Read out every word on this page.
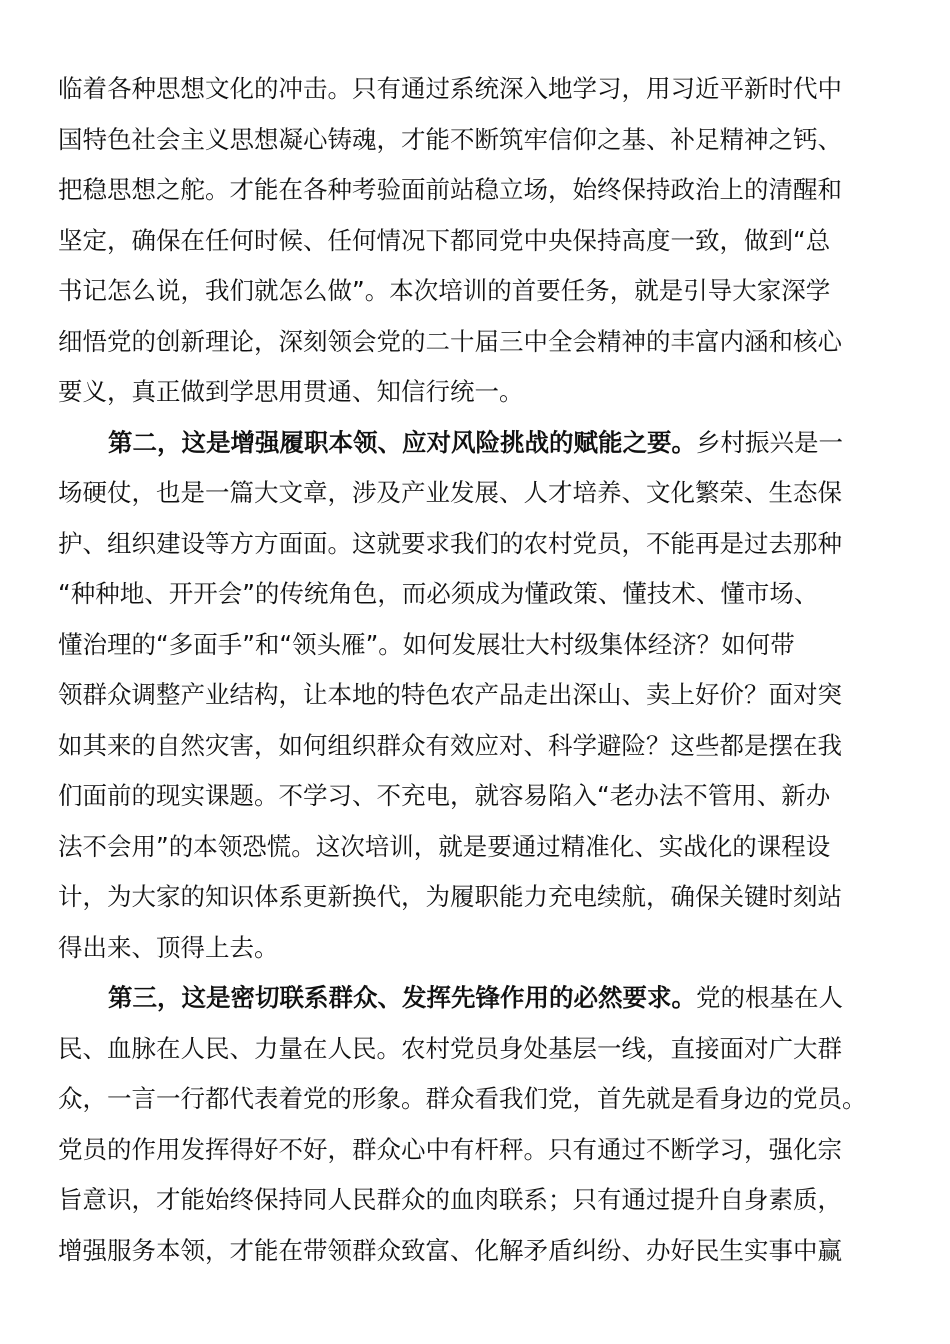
临着各种思想文化的冲击。只有通过系统深入地学习，用习近平新时代中
国特色社会主义思想凝心铸魂，才能不断筑牢信仰之基、补足精神之钙、
把稳思想之舵。才能在各种考验面前站稳立场，始终保持政治上的清醒和
坚定，确保在任何时候、任何情况下都同党中央保持高度一致，做到“总
书记怎么说，我们就怎么做”。本次培训的首要任务，就是引导大家深学
细悟党的创新理论，深刻领会党的二十届三中全会精神的丰富内涵和核心
要义，真正做到学思用贯通、知信行统一。
第二，这是增强履职本领、应对风险挑战的赋能之要。乡村振兴是一
场硬仗，也是一篇大文章，涉及产业发展、人才培养、文化繁荣、生态保
护、组织建设等方方面面。这就要求我们的农村党员，不能再是过去那种
“种种地、开开会”的传统角色，而必须成为懂政策、懂技术、懂市场、
懂治理的“多面手”和“领头雁”。如何发展壮大村级集体经济？如何带
领群众调整产业结构，让本地的特色农产品走出深山、卖上好价？面对突
如其来的自然灾害，如何组织群众有效应对、科学避险？这些都是摆在我
们面前的现实课题。不学习、不充电，就容易陷入“老办法不管用、新办
法不会用”的本领恐慌。这次培训，就是要通过精准化、实战化的课程设
计，为大家的知识体系更新换代，为履职能力充电续航，确保关键时刻站
得出来、顶得上去。
第三，这是密切联系群众、发挥先锋作用的必然要求。党的根基在人
民、血脉在人民、力量在人民。农村党员身处基层一线，直接面对广大群
众，一言一行都代表着党的形象。群众看我们党，首先就是看身边的党员。
党员的作用发挥得好不好，群众心中有杆秤。只有通过不断学习，强化宗
旨意识，才能始终保持同人民群众的血肉联系；只有通过提升自身素质，
增强服务本领，才能在带领群众致富、化解矛盾纠纷、办好民生实事中赢
